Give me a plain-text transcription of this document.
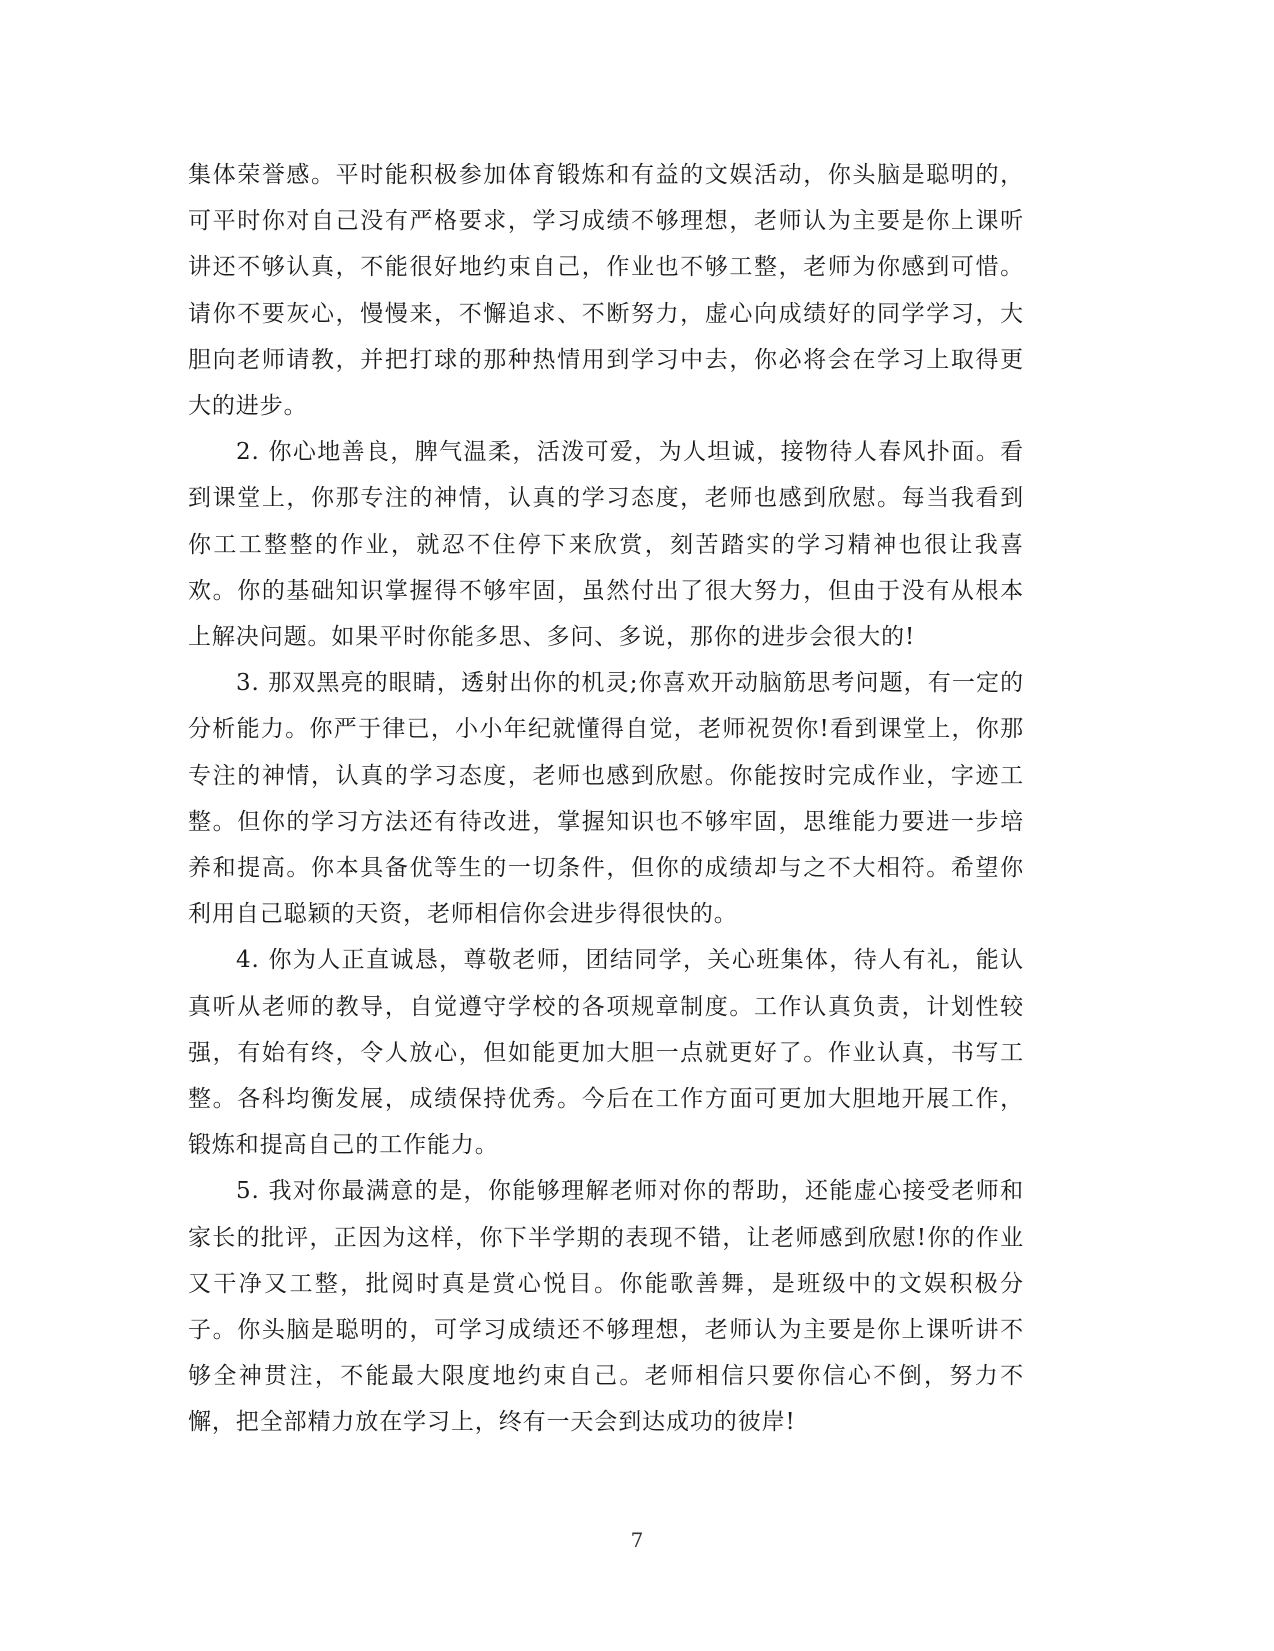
集体荣誉感。平时能积极参加体育锻炼和有益的文娱活动，你头脑是聪明的，可平时你对自己没有严格要求，学习成绩不够理想，老师认为主要是你上课听讲还不够认真，不能很好地约束自己，作业也不够工整，老师为你感到可惜。请你不要灰心，慢慢来，不懈追求、不断努力，虚心向成绩好的同学学习，大胆向老师请教，并把打球的那种热情用到学习中去，你必将会在学习上取得更大的进步。

2. 你心地善良，脾气温柔，活泼可爱，为人坦诚，接物待人春风扑面。看到课堂上，你那专注的神情，认真的学习态度，老师也感到欣慰。每当我看到你工工整整的作业，就忍不住停下来欣赏，刻苦踏实的学习精神也很让我喜欢。你的基础知识掌握得不够牢固，虽然付出了很大努力，但由于没有从根本上解决问题。如果平时你能多思、多问、多说，那你的进步会很大的!

3. 那双黑亮的眼睛，透射出你的机灵;你喜欢开动脑筋思考问题，有一定的分析能力。你严于律已，小小年纪就懂得自觉，老师祝贺你!看到课堂上，你那专注的神情，认真的学习态度，老师也感到欣慰。你能按时完成作业，字迹工整。但你的学习方法还有待改进，掌握知识也不够牢固，思维能力要进一步培养和提高。你本具备优等生的一切条件，但你的成绩却与之不大相符。希望你利用自己聪颖的天资，老师相信你会进步得很快的。

4. 你为人正直诚恳，尊敬老师，团结同学，关心班集体，待人有礼，能认真听从老师的教导，自觉遵守学校的各项规章制度。工作认真负责，计划性较强，有始有终，令人放心，但如能更加大胆一点就更好了。作业认真，书写工整。各科均衡发展，成绩保持优秀。今后在工作方面可更加大胆地开展工作，锻炼和提高自己的工作能力。

5. 我对你最满意的是，你能够理解老师对你的帮助，还能虚心接受老师和家长的批评，正因为这样，你下半学期的表现不错，让老师感到欣慰!你的作业又干净又工整，批阅时真是赏心悦目。你能歌善舞，是班级中的文娱积极分子。你头脑是聪明的，可学习成绩还不够理想，老师认为主要是你上课听讲不够全神贯注，不能最大限度地约束自己。老师相信只要你信心不倒，努力不懈，把全部精力放在学习上，终有一天会到达成功的彼岸!

7
